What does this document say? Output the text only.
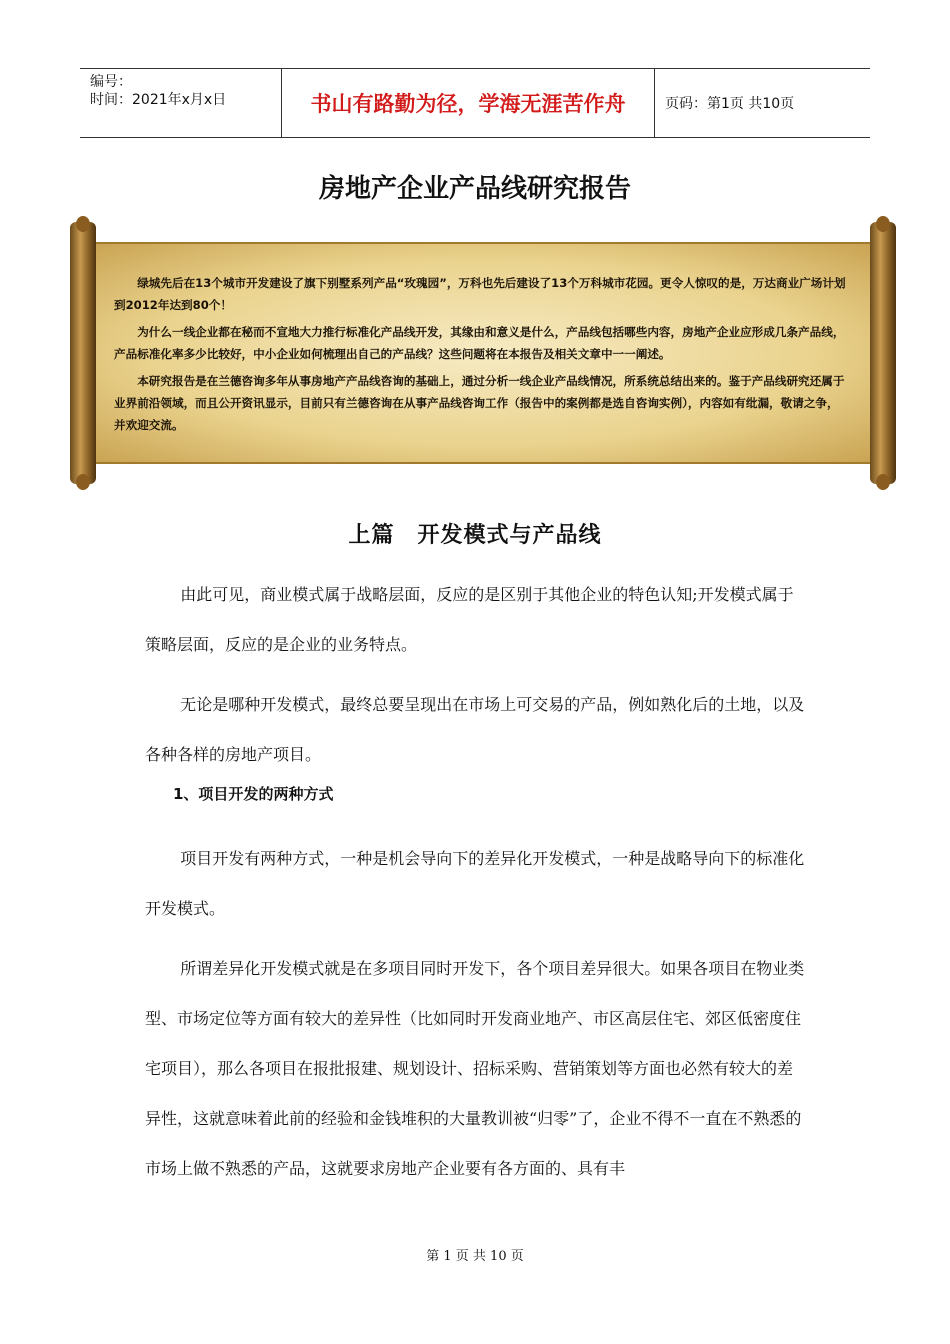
编号：
时间：2021年x月x日	书山有路勤为径，学海无涯苦作舟	页码：第1页 共10页
房地产企业产品线研究报告

绿城先后在13个城市开发建设了旗下别墅系列产品“玫瑰园”，万科也先后建设了13个万科城市花园。更令人惊叹的是，万达商业广场计划到2012年达到80个！

为什么一线企业都在秘而不宣地大力推行标准化产品线开发，其缘由和意义是什么，产品线包括哪些内容，房地产企业应形成几条产品线，产品标准化率多少比较好，中小企业如何梳理出自己的产品线？这些问题将在本报告及相关文章中一一阐述。

本研究报告是在兰德咨询多年从事房地产产品线咨询的基础上，通过分析一线企业产品线情况，所系统总结出来的。鉴于产品线研究还属于业界前沿领域，而且公开资讯显示，目前只有兰德咨询在从事产品线咨询工作（报告中的案例都是选自咨询实例），内容如有纰漏，敬请之争，并欢迎交流。

上篇　开发模式与产品线

由此可见，商业模式属于战略层面，反应的是区别于其他企业的特色认知;开发模式属于策略层面，反应的是企业的业务特点。

无论是哪种开发模式，最终总要呈现出在市场上可交易的产品，例如熟化后的土地，以及各种各样的房地产项目。

1、项目开发的两种方式

项目开发有两种方式，一种是机会导向下的差异化开发模式，一种是战略导向下的标准化开发模式。

所谓差异化开发模式就是在多项目同时开发下，各个项目差异很大。如果各项目在物业类型、市场定位等方面有较大的差异性（比如同时开发商业地产、市区高层住宅、郊区低密度住宅项目），那么各项目在报批报建、规划设计、招标采购、营销策划等方面也必然有较大的差异性，这就意味着此前的经验和金钱堆积的大量教训被“归零”了，企业不得不一直在不熟悉的市场上做不熟悉的产品，这就要求房地产企业要有各方面的、具有丰

第 1 页 共 10 页
